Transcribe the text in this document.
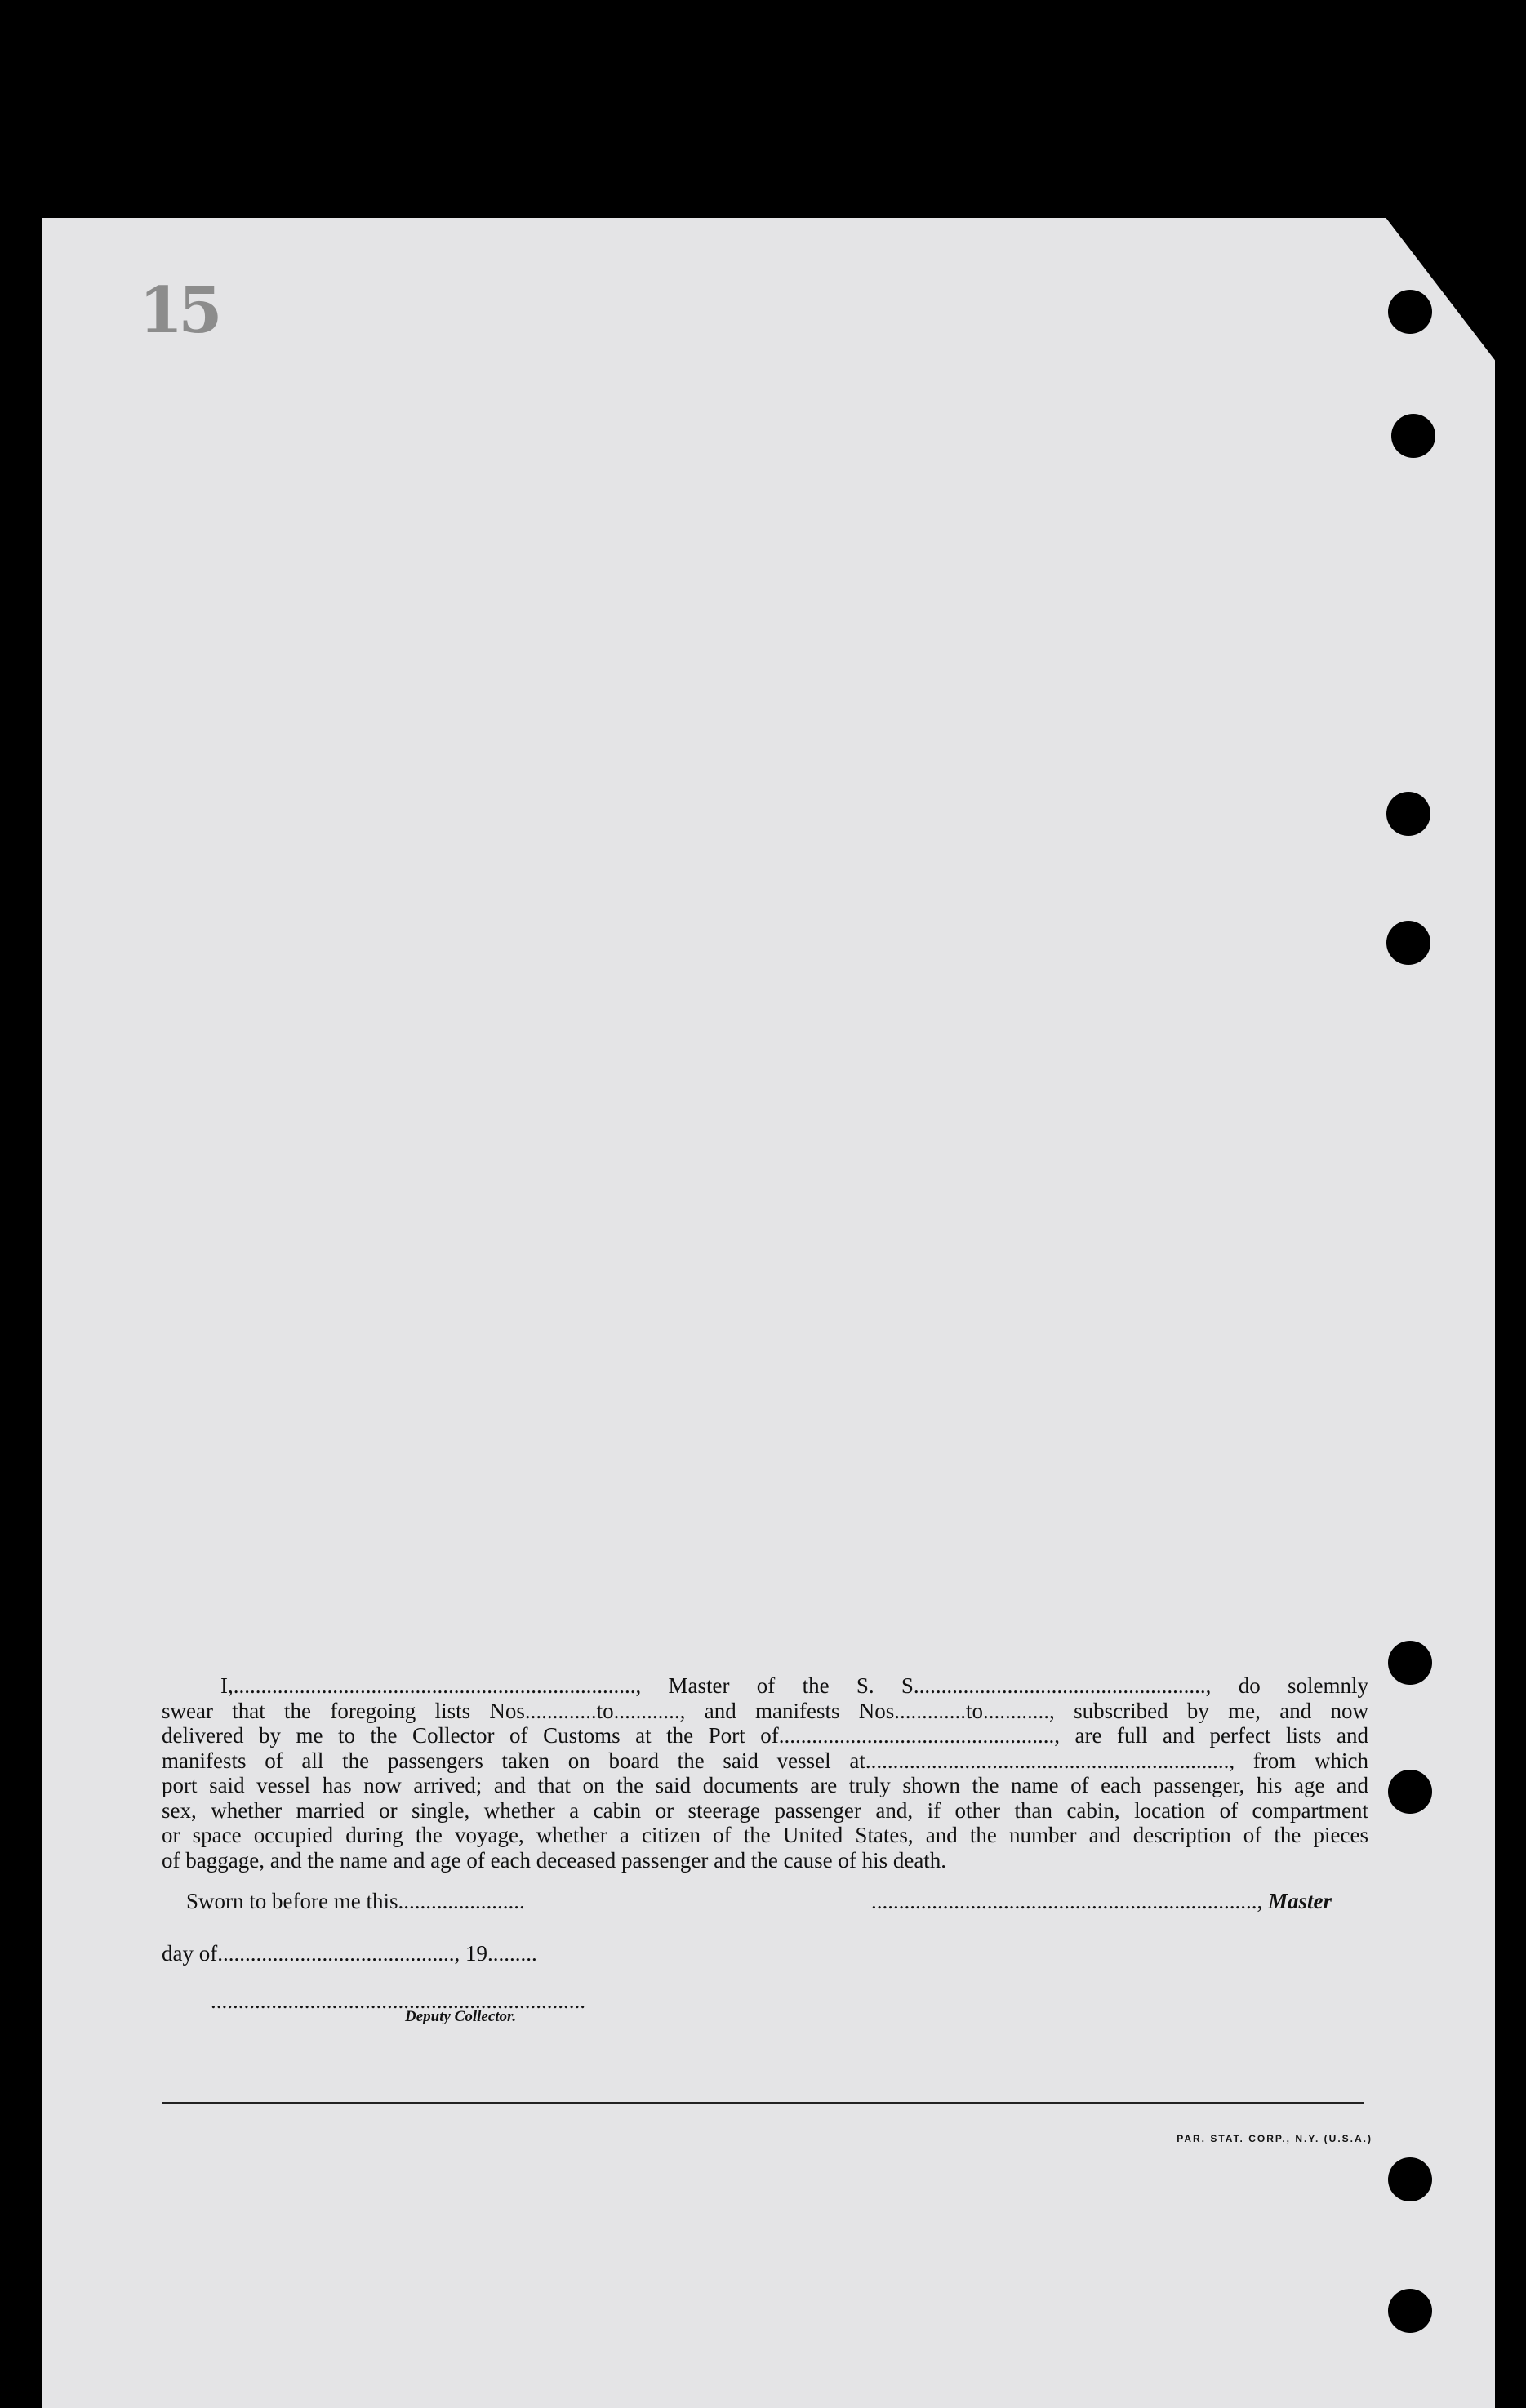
15
I,........................................................................., Master of the S. S....................................................., do solemnly
swear that the foregoing lists Nos.............to............, and manifests Nos.............to............, subscribed by me, and now
delivered by me to the Collector of Customs at the Port of.................................................., are full and perfect lists and
manifests of all the passengers taken on board the said vessel at.................................................................., from which
port said vessel has now arrived; and that on the said documents are truly shown the name of each passenger, his age and
sex, whether married or single, whether a cabin or steerage passenger and, if other than cabin, location of compartment
or space occupied during the voyage, whether a citizen of the United States, and the number and description of the pieces
of baggage, and the name and age of each deceased passenger and the cause of his death.
Sworn to before me this.......................	......................................................................, Master
day of..........................................., 19.........
....................................................................
Deputy Collector.
PAR. STAT. CORP., N.Y. (U.S.A.)
